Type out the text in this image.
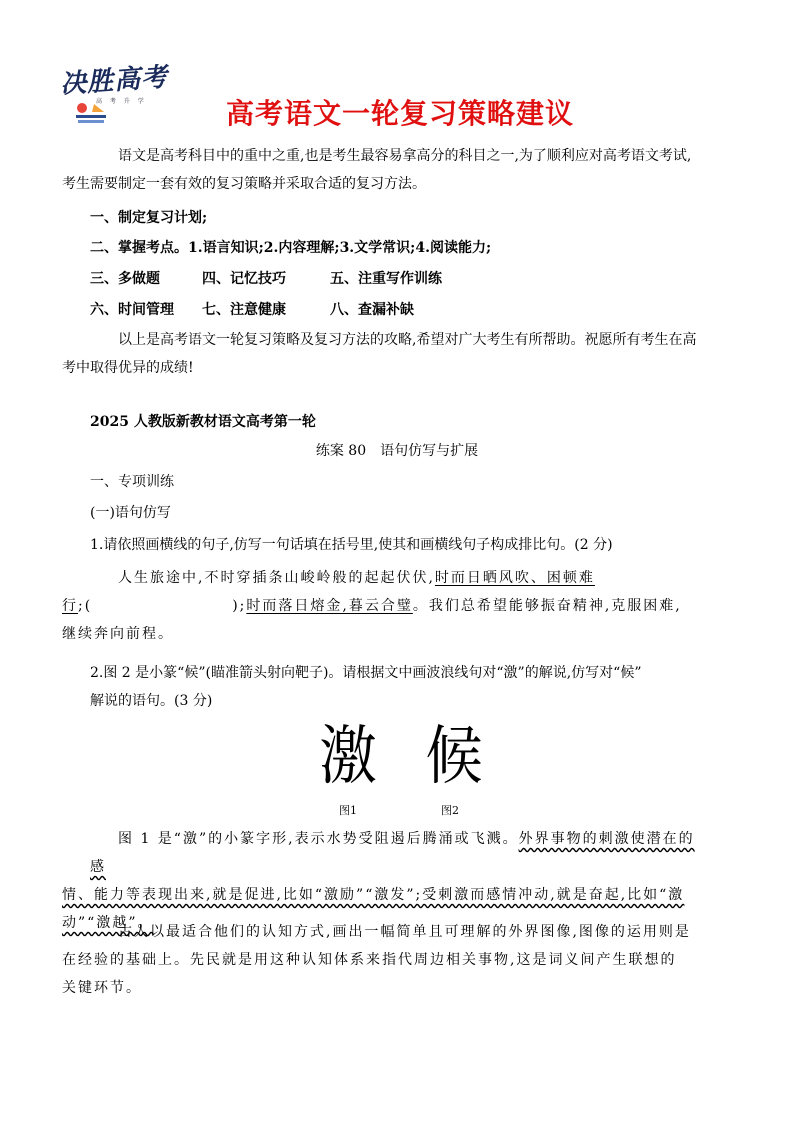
决胜高考
高 考 升 学	高考语文一轮复习策略建议

语文是高考科目中的重中之重,也是考生最容易拿高分的科目之一,为了顺利应对高考语文考试,
考生需要制定一套有效的复习策略并采取合适的复习方法。

一、制定复习计划;
二、掌握考点。1.语言知识;2.内容理解;3.文学常识;4.阅读能力;
三、多做题	四、记忆技巧	五、注重写作训练
六、时间管理 七、注意健康	八、查漏补缺

以上是高考语文一轮复习策略及复习方法的攻略,希望对广大考生有所帮助。祝愿所有考生在高
考中取得优异的成绩!

2025 人教版新教材语文高考第一轮
练案 80　语句仿写与扩展
一、专项训练
(一)语句仿写
1.请依照画横线的句子,仿写一句话填在括号里,使其和画横线句子构成排比句。(2 分)

人生旅途中,不时穿插条山峻岭般的起起伏伏,时而日晒风吹、困顿难
行;(	);时而落日熔金,暮云合璧。我们总希望能够振奋精神,克服困难,
继续奔向前程。

2.图 2 是小篆“候”(瞄准箭头射向靶子)。请根据文中画波浪线句对“激”的解说,仿写对“候”
解说的语句。(3 分)

激 候
图1	图2

图 1 是“激”的小篆字形,表示水势受阻遏后腾涌或飞溅。外界事物的刺激使潜在的感
情、能力等表现出来,就是促进,比如“激励”“激发”;受刺激而感情冲动,就是奋起,比如“激
动”“激越”。

古人以最适合他们的认知方式,画出一幅简单且可理解的外界图像,图像的运用则是
在经验的基础上。先民就是用这种认知体系来指代周边相关事物,这是词义间产生联想的
关键环节。
